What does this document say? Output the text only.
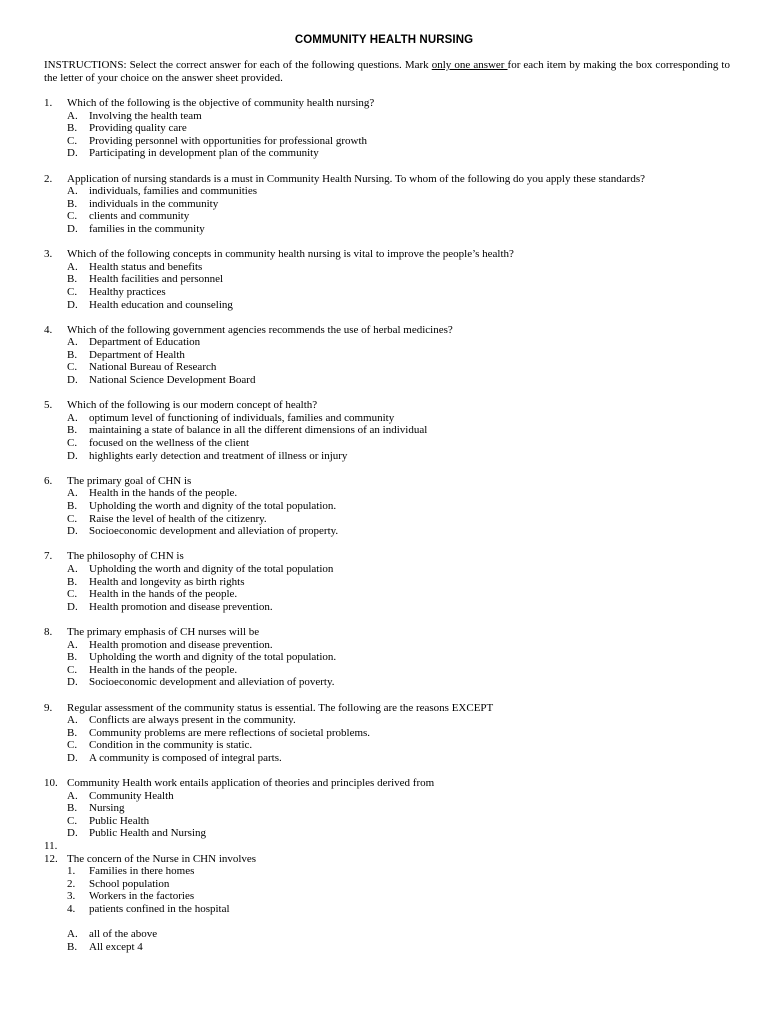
COMMUNITY HEALTH NURSING
INSTRUCTIONS: Select the correct answer for each of the following questions. Mark only one answer for each item by making the box corresponding to the letter of your choice on the answer sheet provided.
1. Which of the following is the objective of community health nursing?
A. Involving the health team
B. Providing quality care
C. Providing personnel with opportunities for professional growth
D. Participating in development plan of the community
2. Application of nursing standards is a must in Community Health Nursing. To whom of the following do you apply these standards?
A. individuals, families and communities
B. individuals in the community
C. clients and community
D. families in the community
3. Which of the following concepts in community health nursing is vital to improve the people’s health?
A. Health status and benefits
B. Health facilities and personnel
C. Healthy practices
D. Health education and counseling
4. Which of the following government agencies recommends the use of herbal medicines?
A. Department of Education
B. Department of Health
C. National Bureau of Research
D. National Science Development Board
5. Which of the following is our modern concept of health?
A. optimum level of functioning of individuals, families and community
B. maintaining a state of balance in all the different dimensions of an individual
C. focused on the wellness of the client
D. highlights early detection and treatment of illness or injury
6. The primary goal of CHN is
A. Health in the hands of the people.
B. Upholding the worth and dignity of the total population.
C. Raise the level of health of the citizenry.
D. Socioeconomic development and alleviation of property.
7. The philosophy of CHN is
A. Upholding the worth and dignity of the total population
B. Health and longevity as birth rights
C. Health in the hands of the people.
D. Health promotion and disease prevention.
8. The primary emphasis of CH nurses will be
A. Health promotion and disease prevention.
B. Upholding the worth and dignity of the total population.
C. Health in the hands of the people.
D. Socioeconomic development and alleviation of poverty.
9. Regular assessment of the community status is essential. The following are the reasons EXCEPT
A. Conflicts are always present in the community.
B. Community problems are mere reflections of societal problems.
C. Condition in the community is static.
D. A community is composed of integral parts.
10. Community Health work entails application of theories and principles derived from
A. Community Health
B. Nursing
C. Public Health
D. Public Health and Nursing
11.
12. The concern of the Nurse in CHN involves
1. Families in there homes
2. School population
3. Workers in the factories
4. patients confined in the hospital
A. all of the above
B. All except 4
